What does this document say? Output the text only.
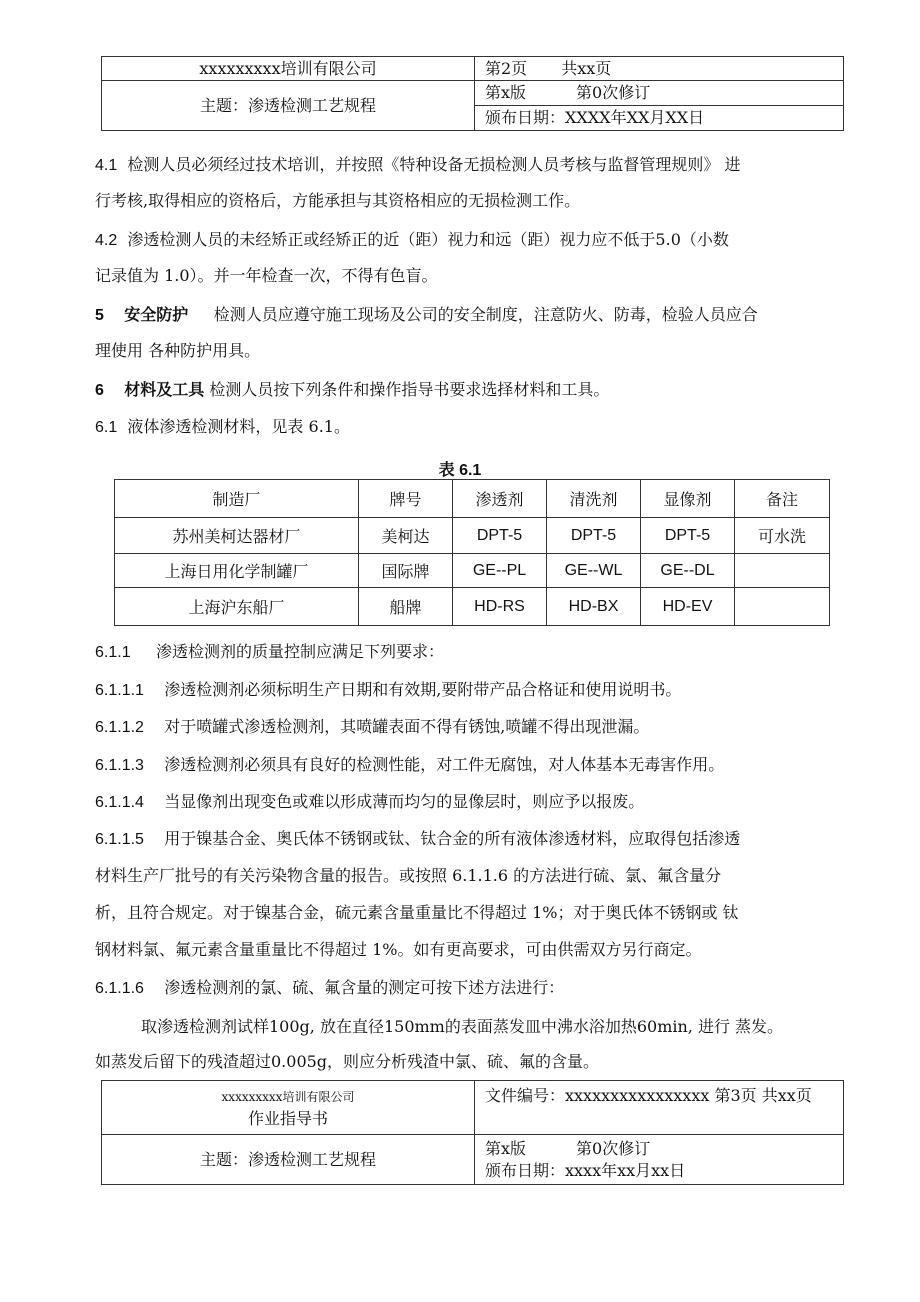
xxxxxxxxx培训有限公司	第2页 共xx页
主题：渗透检测工艺规程	第x版 第0次修订
	颁布日期：XXXX年XX月XX日
4.1 检测人员必须经过技术培训，并按照《特种设备无损检测人员考核与监督管理规则》 进
行考核,取得相应的资格后，方能承担与其资格相应的无损检测工作。
4.2 渗透检测人员的未经矫正或经矫正的近（距）视力和远（距）视力应不低于5.0（小数
记录值为 1.0）。并一年检查一次，不得有色盲。
5 安全防护 检测人员应遵守施工现场及公司的安全制度，注意防火、防毒，检验人员应合
理使用 各种防护用具。
6 材料及工具 检测人员按下列条件和操作指导书要求选择材料和工具。
6.1 液体渗透检测材料，见表 6.1。
表 6.1
制造厂	牌号	渗透剂	清洗剂	显像剂	备注
苏州美柯达器材厂	美柯达	DPT-5	DPT-5	DPT-5	可水洗
上海日用化学制罐厂	国际牌	GE--PL	GE--WL	GE--DL	
上海沪东船厂	船牌	HD-RS	HD-BX	HD-EV	
6.1.1 渗透检测剂的质量控制应满足下列要求：
6.1.1.1 渗透检测剂必须标明生产日期和有效期,要附带产品合格证和使用说明书。
6.1.1.2 对于喷罐式渗透检测剂，其喷罐表面不得有锈蚀,喷罐不得出现泄漏。
6.1.1.3 渗透检测剂必须具有良好的检测性能，对工件无腐蚀，对人体基本无毒害作用。
6.1.1.4 当显像剂出现变色或难以形成薄而均匀的显像层时，则应予以报废。
6.1.1.5 用于镍基合金、奥氏体不锈钢或钛、钛合金的所有液体渗透材料，应取得包括渗透
材料生产厂批号的有关污染物含量的报告。或按照 6.1.1.6 的方法进行硫、氯、氟含量分
析，且符合规定。对于镍基合金，硫元素含量重量比不得超过 1%；对于奥氏体不锈钢或 钛
钢材料氯、氟元素含量重量比不得超过 1%。如有更高要求，可由供需双方另行商定。
6.1.1.6 渗透检测剂的氯、硫、氟含量的测定可按下述方法进行：
取渗透检测剂试样100g, 放在直径150mm的表面蒸发皿中沸水浴加热60min, 进行 蒸发。
如蒸发后留下的残渣超过0.005g，则应分析残渣中氯、硫、氟的含量。
xxxxxxxxx培训有限公司
作业指导书	文件编号：xxxxxxxxxxxxxxxx 第3页 共xx页
主题：渗透检测工艺规程	第x版 第0次修订
颁布日期：xxxx年xx月xx日
